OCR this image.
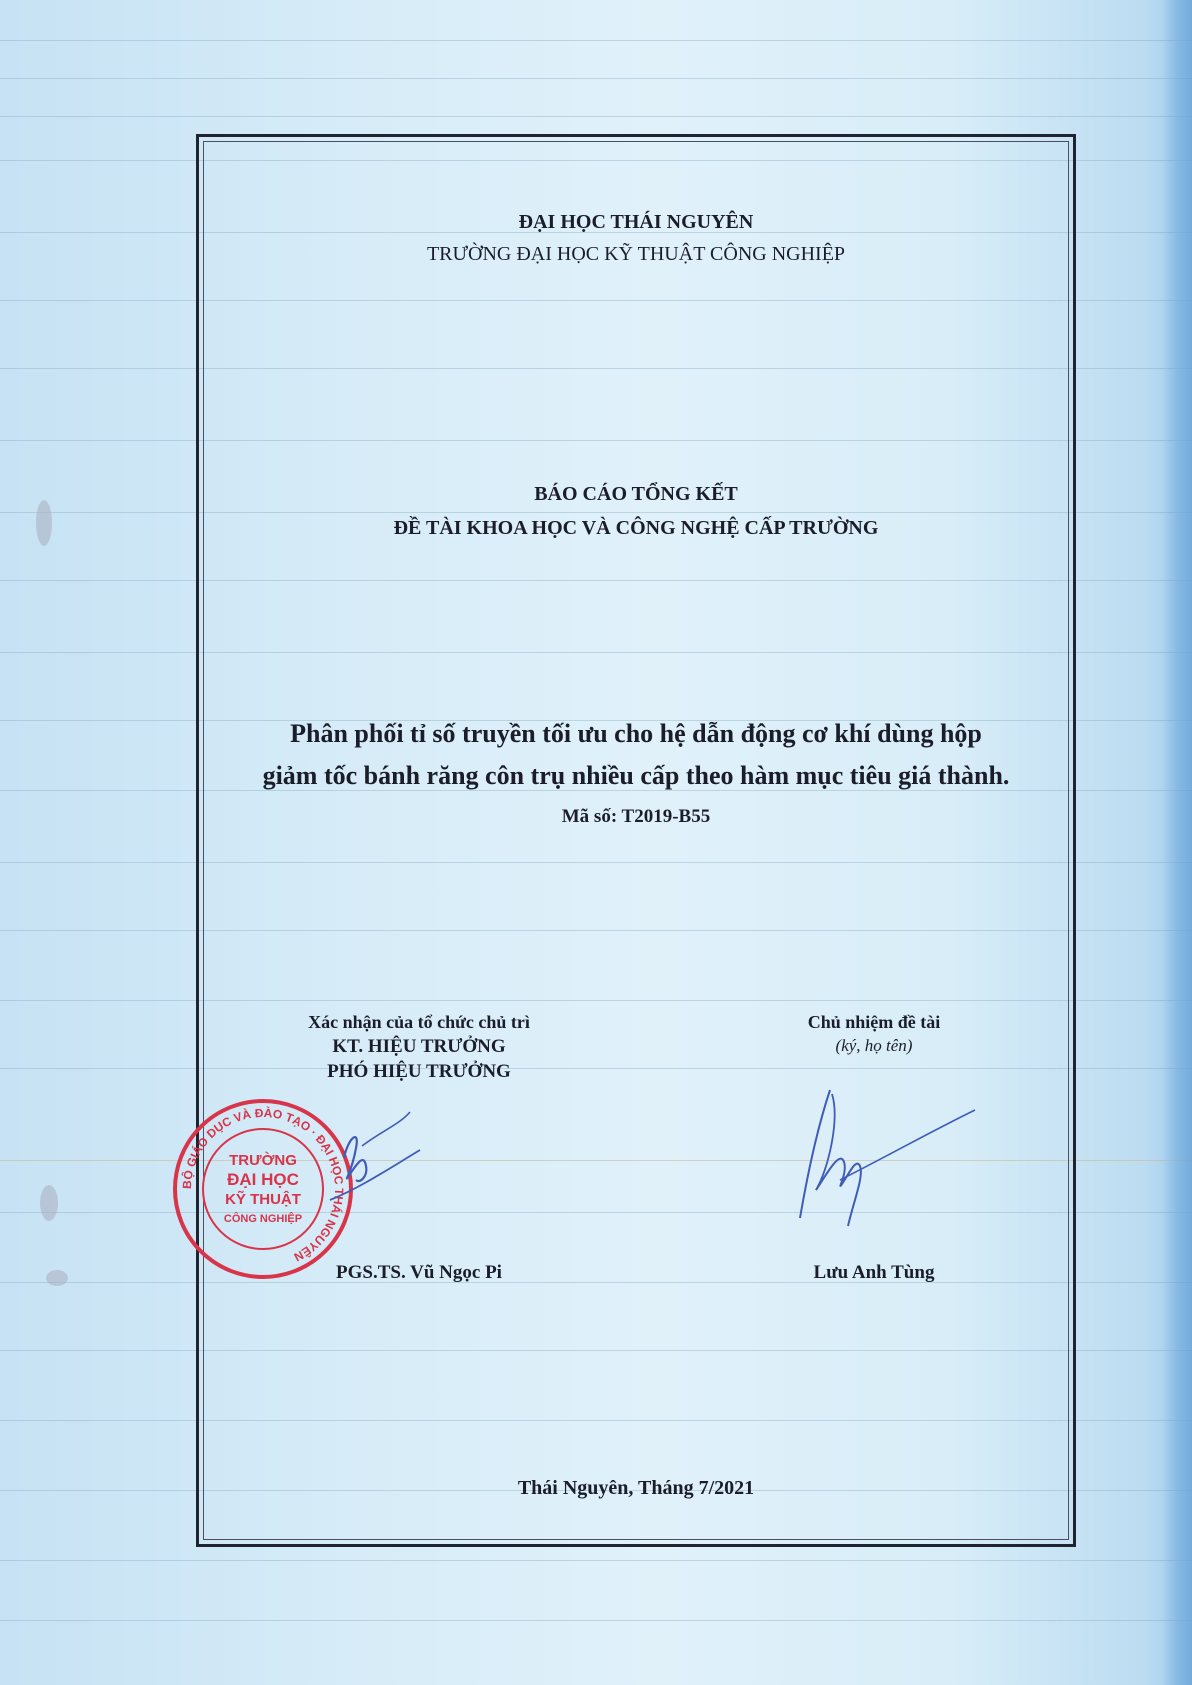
ĐẠI HỌC THÁI NGUYÊN
TRƯỜNG ĐẠI HỌC KỸ THUẬT CÔNG NGHIỆP
BÁO CÁO TỔNG KẾT
ĐỀ TÀI KHOA HỌC VÀ CÔNG NGHỆ CẤP TRƯỜNG
Phân phối tỉ số truyền tối ưu cho hệ dẫn động cơ khí dùng hộp
giảm tốc bánh răng côn trụ nhiều cấp theo hàm mục tiêu giá thành.
Mã số: T2019-B55
Xác nhận của tổ chức chủ trì
KT. HIỆU TRƯỞNG
PHÓ HIỆU TRƯỞNG
PGS.TS. Vũ Ngọc Pi
Chủ nhiệm đề tài
(ký, họ tên)
Lưu Anh Tùng
Thái Nguyên, Tháng 7/2021
BỘ GIÁO DỤC VÀ ĐÀO TẠO · ĐẠI HỌC THÁI NGUYÊN
TRƯỜNG
ĐẠI HỌC
KỸ THUẬT
CÔNG NGHIỆP
